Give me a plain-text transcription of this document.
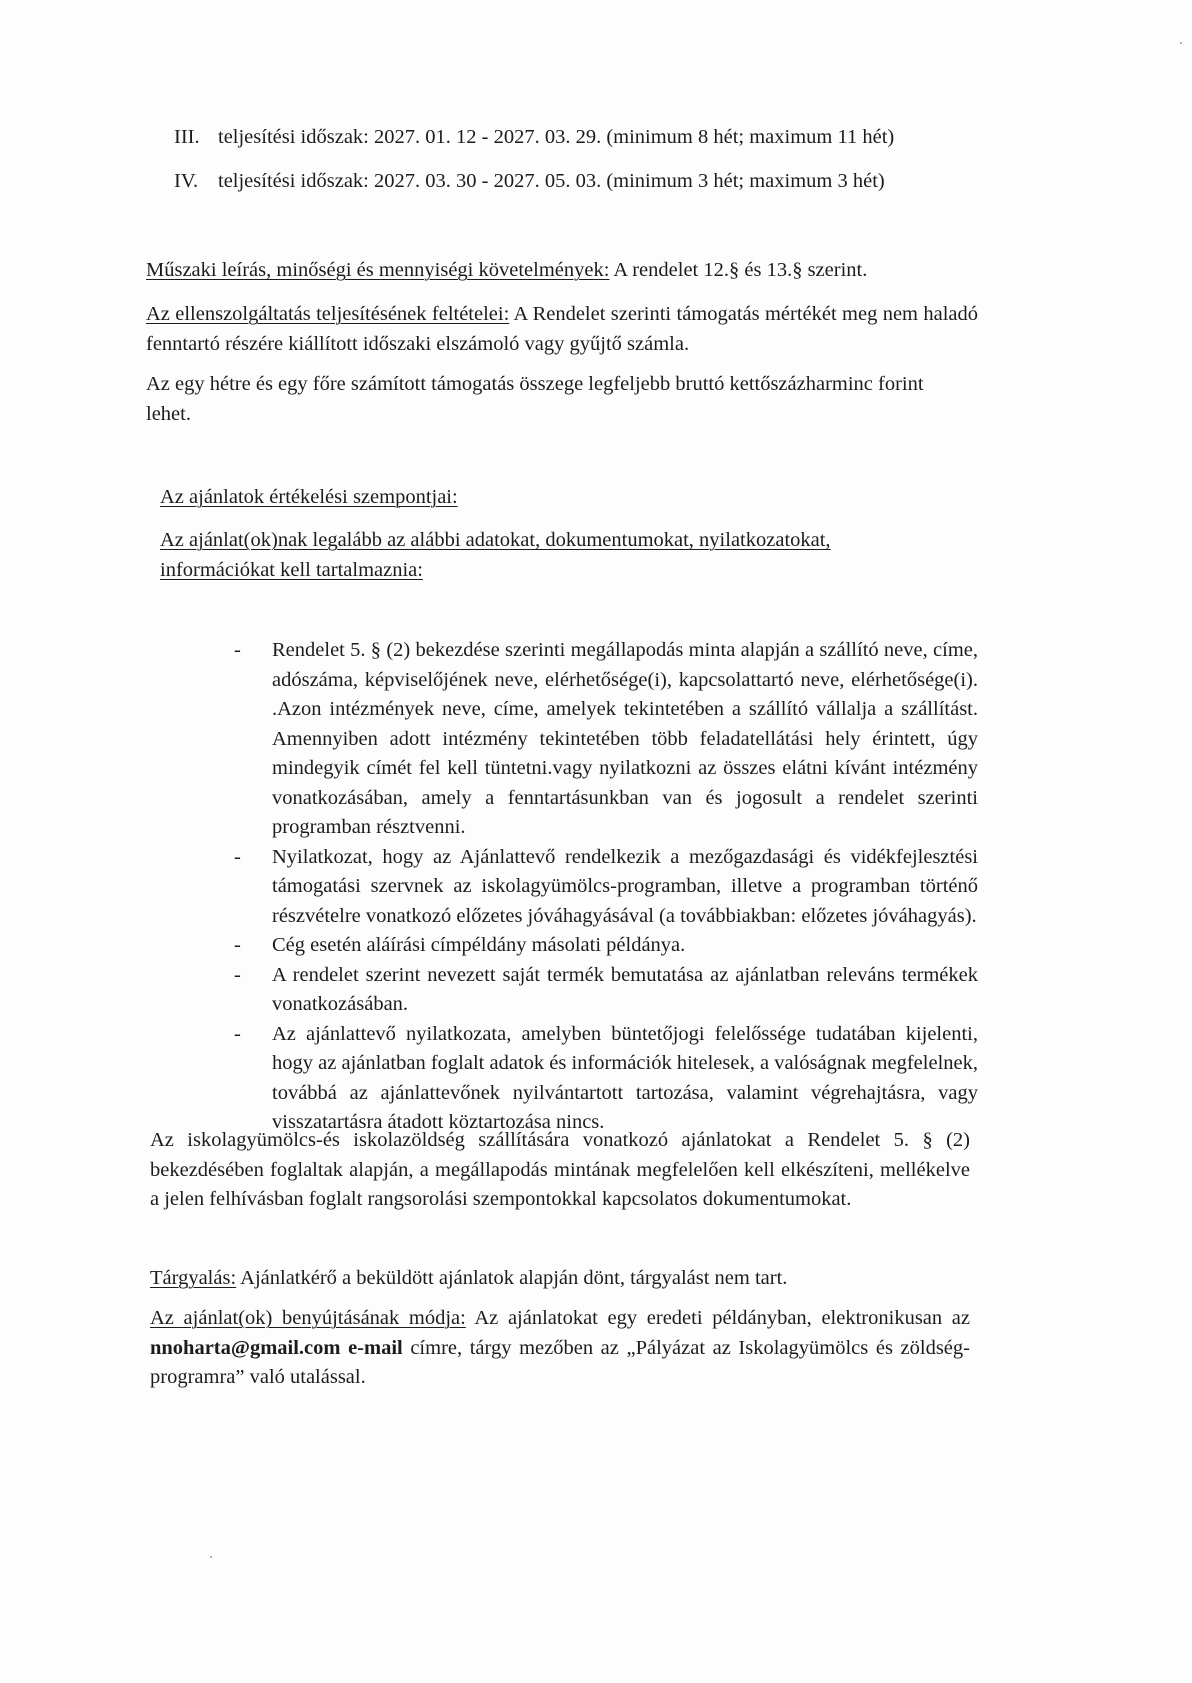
III. teljesítési időszak: 2027. 01. 12 - 2027. 03. 29. (minimum 8 hét; maximum 11 hét)
IV. teljesítési időszak: 2027. 03. 30 - 2027. 05. 03. (minimum 3 hét; maximum 3 hét)
Műszaki leírás, minőségi és mennyiségi követelmények: A rendelet 12.§ és 13.§ szerint.
Az ellenszolgáltatás teljesítésének feltételei: A Rendelet szerinti támogatás mértékét meg nem haladó fenntartó részére kiállított időszaki elszámoló vagy gyűjtő számla.
Az egy hétre és egy főre számított támogatás összege legfeljebb bruttó kettőszázharminc forint lehet.
Az ajánlatok értékelési szempontjai:
Az ajánlat(ok)nak legalább az alábbi adatokat, dokumentumokat, nyilatkozatokat, információkat kell tartalmaznia:
- Rendelet 5. § (2) bekezdése szerinti megállapodás minta alapján a szállító neve, címe, adószáma, képviselőjének neve, elérhetősége(i), kapcsolattartó neve, elérhetősége(i). .Azon intézmények neve, címe, amelyek tekintetében a szállító vállalja a szállítást. Amennyiben adott intézmény tekintetében több feladatellátási hely érintett, úgy mindegyik címét fel kell tüntetni.vagy nyilatkozni az összes elátni kívánt intézmény vonatkozásában, amely a fenntartásunkban van és jogosult a rendelet szerinti programban résztvenni.
- Nyilatkozat, hogy az Ajánlattevő rendelkezik a mezőgazdasági és vidékfejlesztési támogatási szervnek az iskolagyümölcs-programban, illetve a programban történő részvételre vonatkozó előzetes jóváhagyásával (a továbbiakban: előzetes jóváhagyás).
- Cég esetén aláírási címpéldány másolati példánya.
- A rendelet szerint nevezett saját termék bemutatása az ajánlatban releváns termékek vonatkozásában.
- Az ajánlattevő nyilatkozata, amelyben büntetőjogi felelőssége tudatában kijelenti, hogy az ajánlatban foglalt adatok és információk hitelesek, a valóságnak megfelelnek, továbbá az ajánlattevőnek nyilvántartott tartozása, valamint végrehajtásra, vagy visszatartásra átadott köztartozása nincs.
Az iskolagyümölcs-és iskolazöldség szállítására vonatkozó ajánlatokat a Rendelet 5. § (2) bekezdésében foglaltak alapján, a megállapodás mintának megfelelően kell elkészíteni, mellékelve a jelen felhívásban foglalt rangsorolási szempontokkal kapcsolatos dokumentumokat.
Tárgyalás: Ajánlatkérő a beküldött ajánlatok alapján dönt, tárgyalást nem tart.
Az ajánlat(ok) benyújtásának módja: Az ajánlatokat egy eredeti példányban, elektronikusan az nnoharta@gmail.com e-mail címre, tárgy mezőben az „Pályázat az Iskolagyümölcs és zöldség-programra” való utalással.
